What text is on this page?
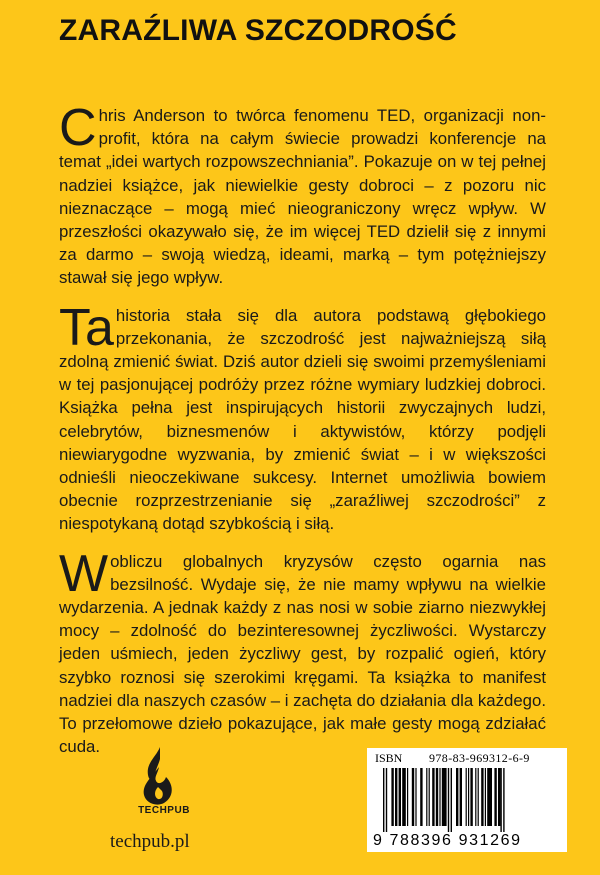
ZARAŹLIWA SZCZODROŚĆ

Chris Anderson to twórca fenomenu TED, organizacji non-profit, która na całym świecie prowadzi konferencje na temat „idei wartych rozpowszechniania”. Pokazuje on w tej pełnej nadziei książce, jak niewielkie gesty dobroci – z pozoru nic nieznaczące – mogą mieć nieograniczony wręcz wpływ. W przeszłości okazywało się, że im więcej TED dzielił się z innymi za darmo – swoją wiedzą, ideami, marką – tym potężniejszy stawał się jego wpływ.

Ta historia stała się dla autora podstawą głębokiego przekonania, że szczodrość jest najważniejszą siłą zdolną zmienić świat. Dziś autor dzieli się swoimi przemyśleniami w tej pasjonującej podróży przez różne wymiary ludzkiej dobroci. Książka pełna jest inspirujących historii zwyczajnych ludzi, celebrytów, biznesmenów i aktywistów, którzy podjęli niewiarygodne wyzwania, by zmienić świat – i w większości odnieśli nieoczekiwane sukcesy. Internet umożliwia bowiem obecnie rozprzestrzenianie się „zaraźliwej szczodrości” z niespotykaną dotąd szybkością i siłą.

W obliczu globalnych kryzysów często ogarnia nas bezsilność. Wydaje się, że nie mamy wpływu na wielkie wydarzenia. A jednak każdy z nas nosi w sobie ziarno niezwykłej mocy – zdolność do bezinteresownej życzliwości. Wystarczy jeden uśmiech, jeden życzliwy gest, by rozpalić ogień, który szybko roznosi się szerokimi kręgami. Ta książka to manifest nadziei dla naszych czasów – i zachęta do działania dla każdego. To przełomowe dzieło pokazujące, jak małe gesty mogą zdziałać cuda.

TECHPUB
techpub.pl
ISBN 978-83-969312-6-9
9 788396 931269
